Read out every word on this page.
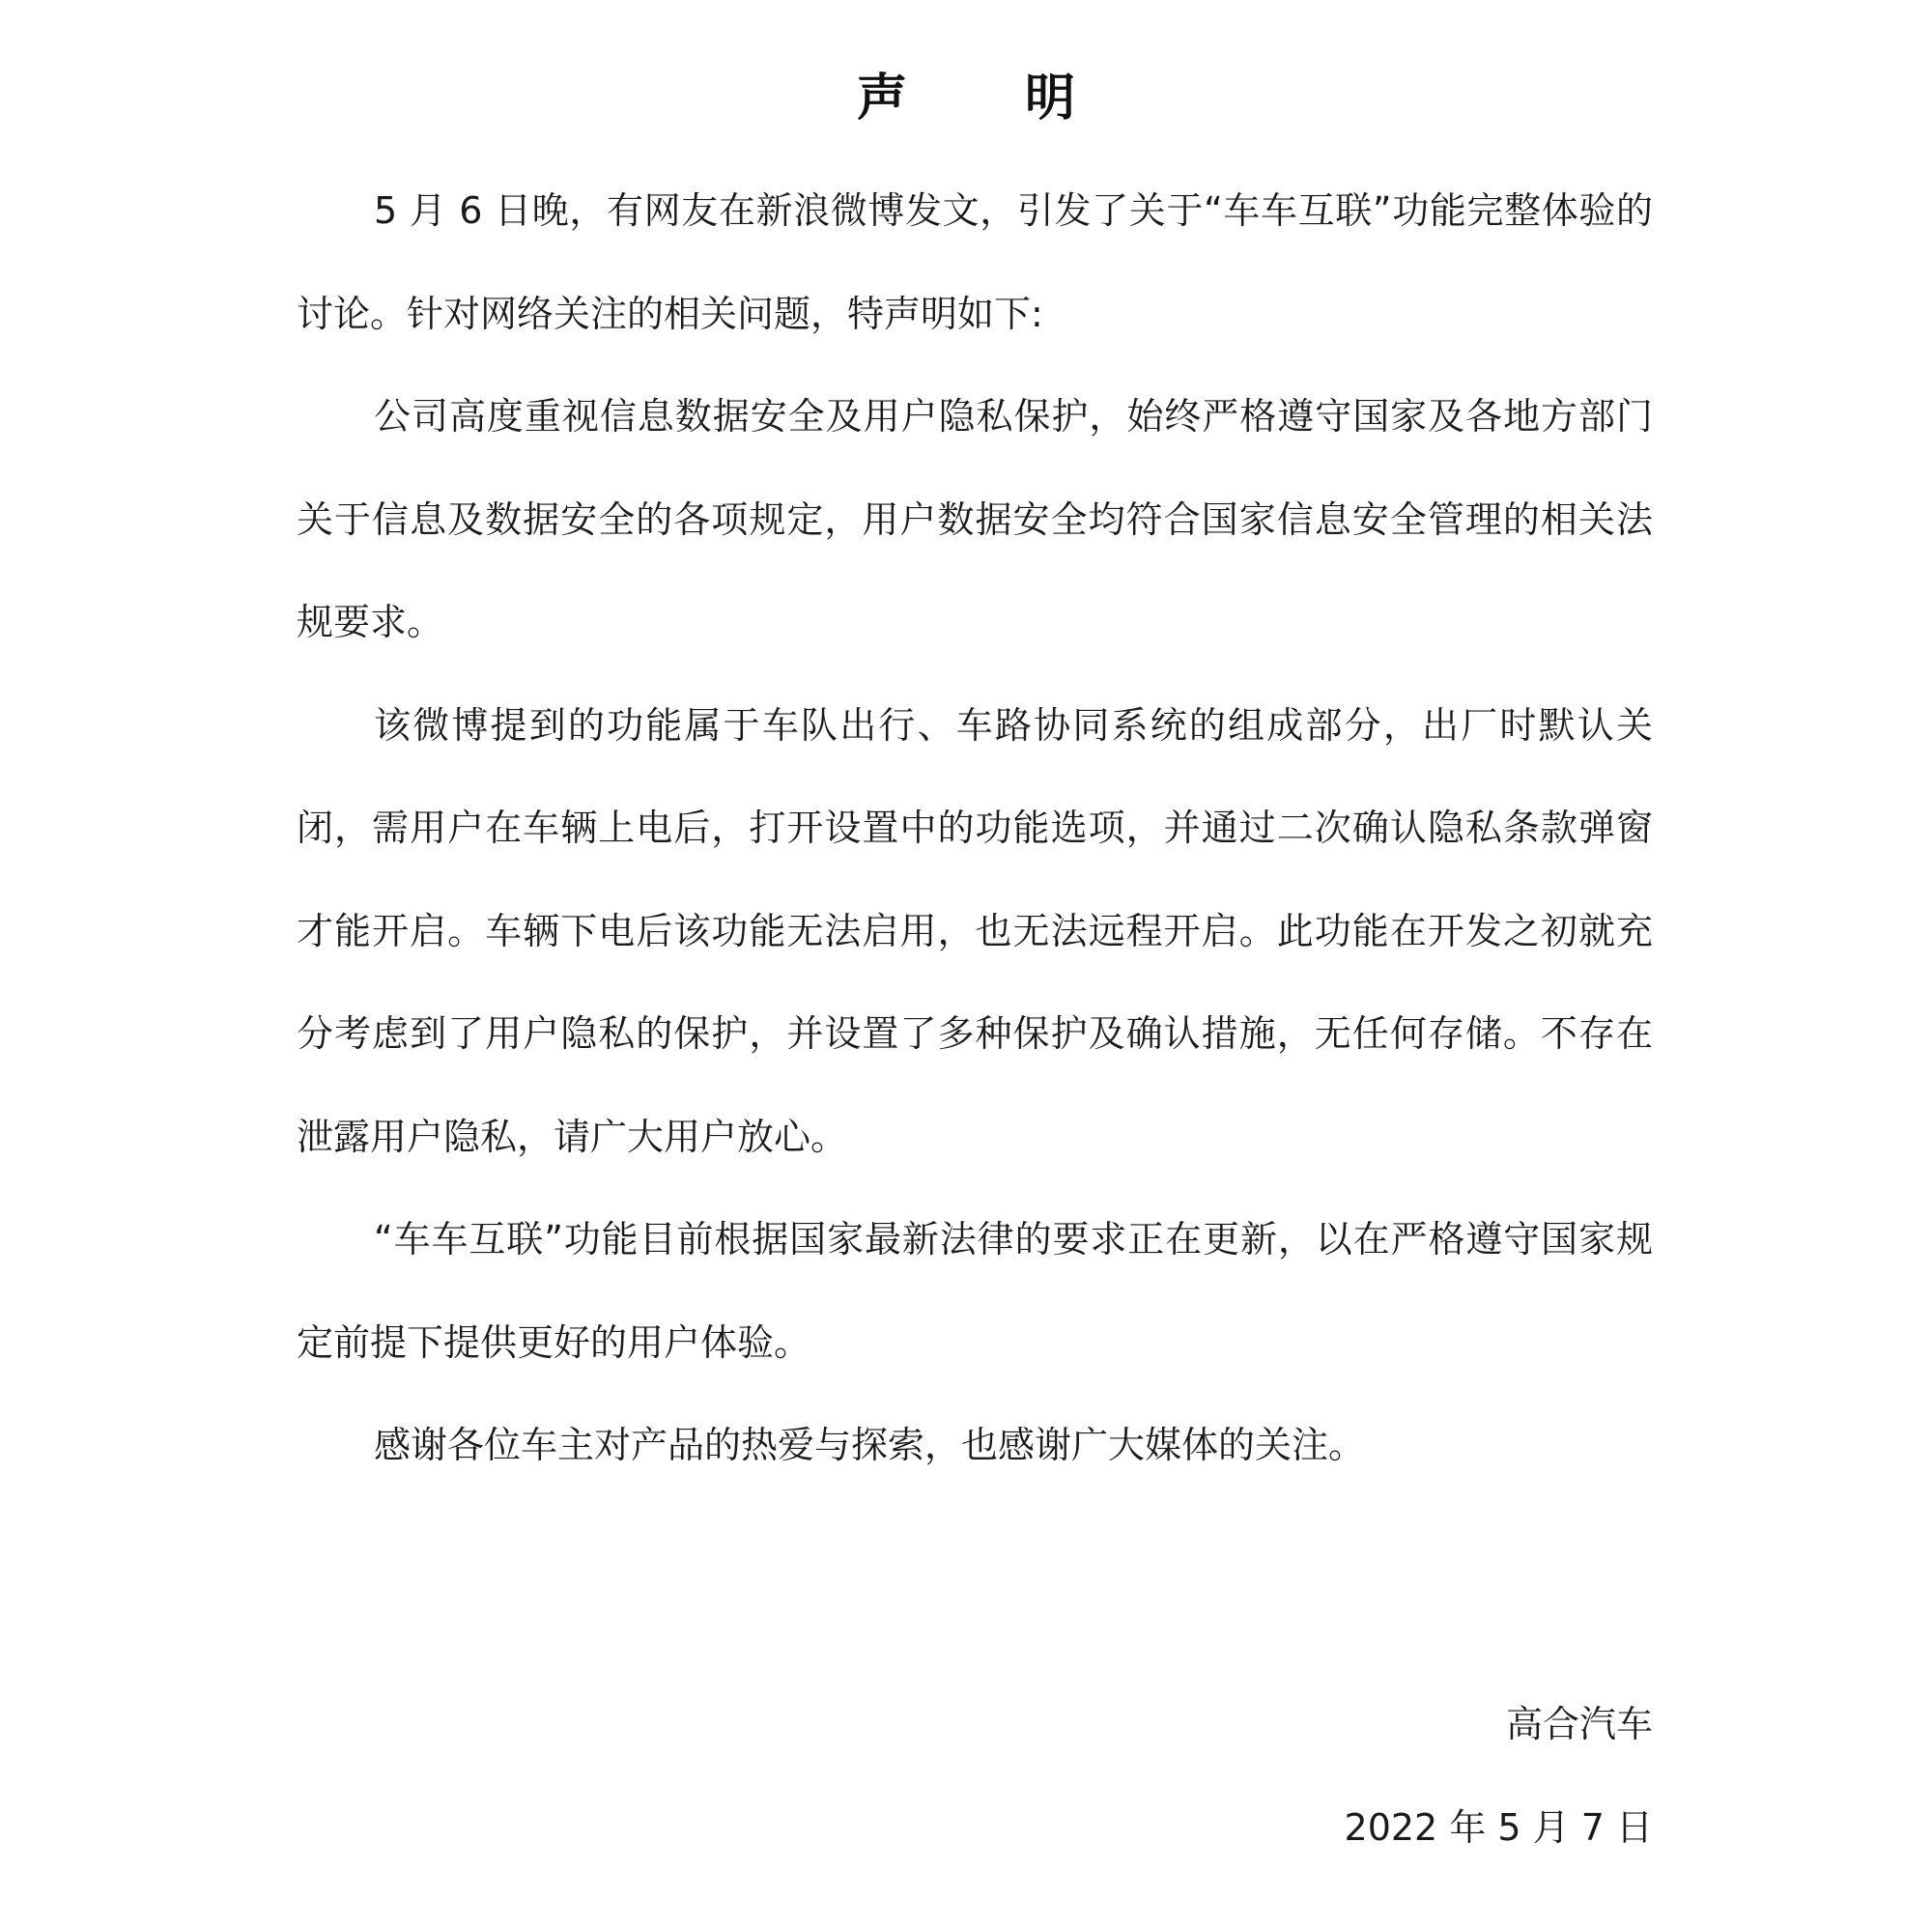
声 明

5 月 6 日晚，有网友在新浪微博发文，引发了关于“车车互联”功能完整体验的讨论。针对网络关注的相关问题，特声明如下:

公司高度重视信息数据安全及用户隐私保护，始终严格遵守国家及各地方部门关于信息及数据安全的各项规定，用户数据安全均符合国家信息安全管理的相关法规要求。

该微博提到的功能属于车队出行、车路协同系统的组成部分，出厂时默认关闭，需用户在车辆上电后，打开设置中的功能选项，并通过二次确认隐私条款弹窗才能开启。车辆下电后该功能无法启用，也无法远程开启。此功能在开发之初就充分考虑到了用户隐私的保护，并设置了多种保护及确认措施，无任何存储。不存在泄露用户隐私，请广大用户放心。

“车车互联”功能目前根据国家最新法律的要求正在更新，以在严格遵守国家规定前提下提供更好的用户体验。

感谢各位车主对产品的热爱与探索，也感谢广大媒体的关注。

高合汽车
2022 年 5 月 7 日
